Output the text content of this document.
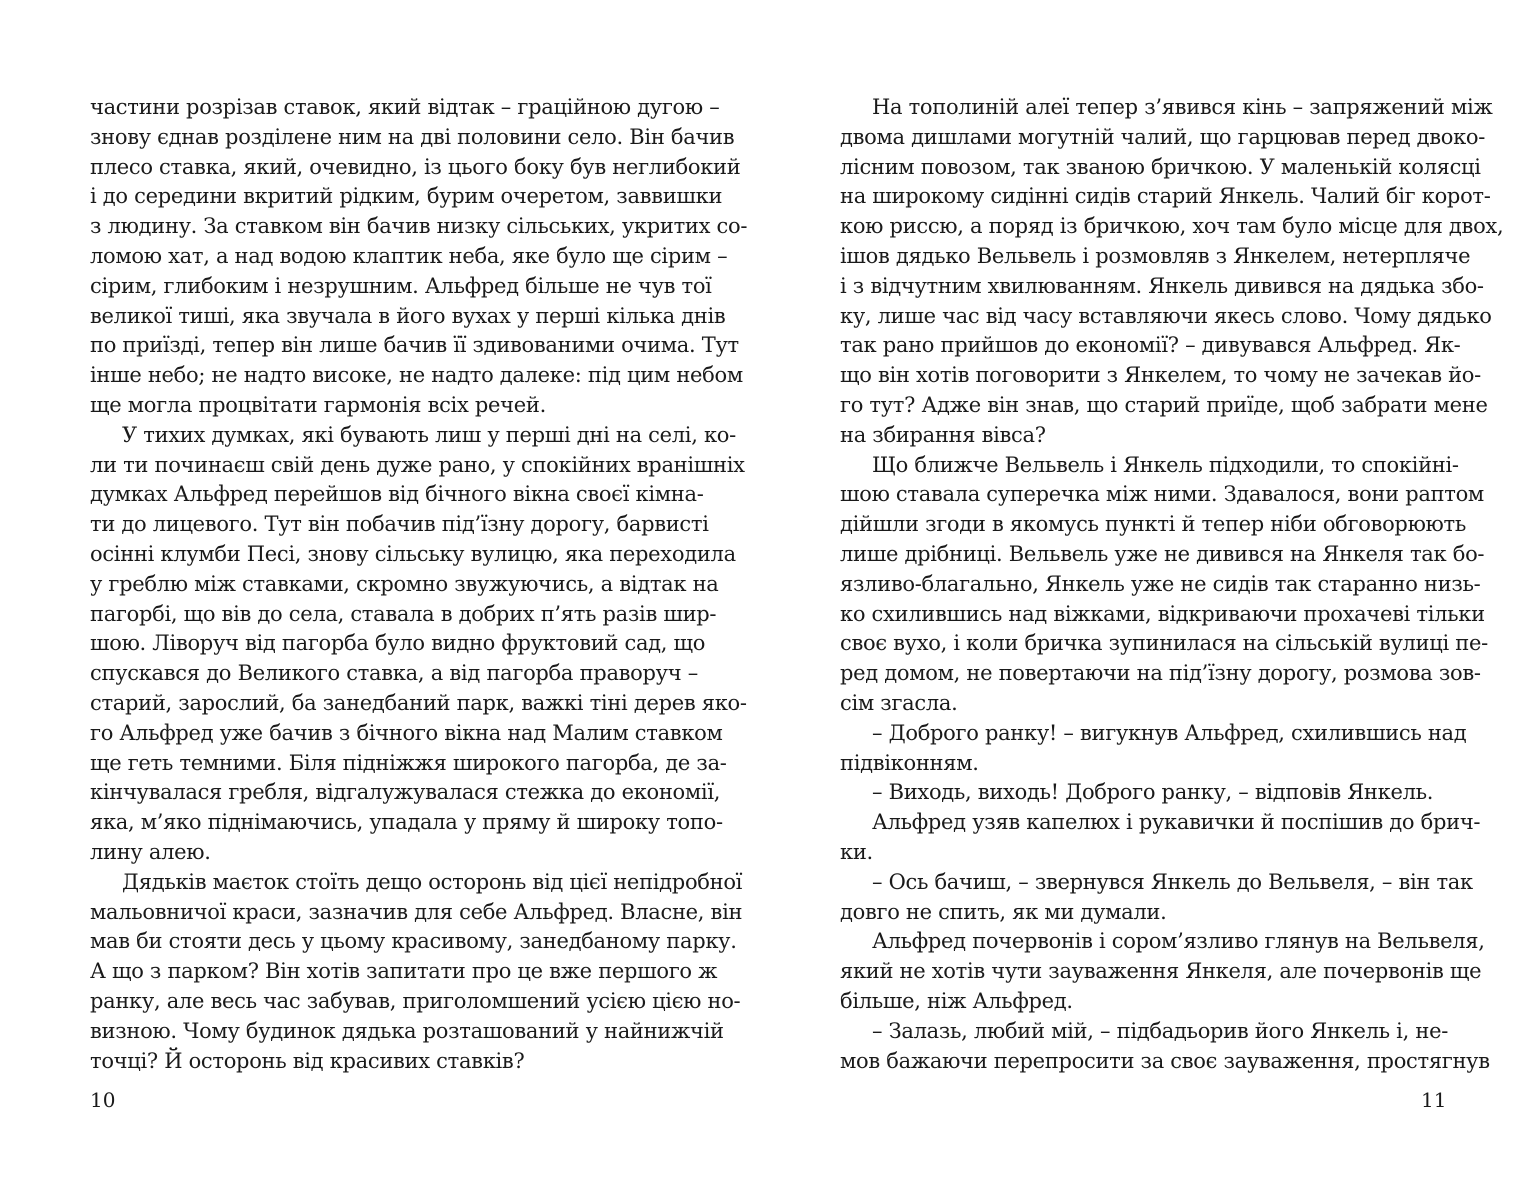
частини розрізав ставок, який відтак – граційною дугою –
знову єднав розділене ним на дві половини село. Він бачив
плесо ставка, який, очевидно, із цього боку був неглибокий
і до середини вкритий рідким, бурим очеретом, заввишки
з людину. За ставком він бачив низку сільських, укритих со-
ломою хат, а над водою клаптик неба, яке було ще сірим –
сірим, глибоким і незрушним. Альфред більше не чув тої
великої тиші, яка звучала в його вухах у перші кілька днів
по приїзді, тепер він лише бачив її здивованими очима. Тут
інше небо; не надто високе, не надто далеке: під цим небом
ще могла процвітати гармонія всіх речей.
У тихих думках, які бувають лиш у перші дні на селі, ко-
ли ти починаєш свій день дуже рано, у спокійних вранішніх
думках Альфред перейшов від бічного вікна своєї кімна-
ти до лицевого. Тут він побачив під’їзну дорогу, барвисті
осінні клумби Песі, знову сільську вулицю, яка переходила
у греблю між ставками, скромно звужуючись, а відтак на
пагорбі, що вів до села, ставала в добрих п’ять разів шир-
шою. Ліворуч від пагорба було видно фруктовий сад, що
спускався до Великого ставка, а від пагорба праворуч –
старий, зарослий, ба занедбаний парк, важкі тіні дерев яко-
го Альфред уже бачив з бічного вікна над Малим ставком
ще геть темними. Біля підніжжя широкого пагорба, де за-
кінчувалася гребля, відгалужувалася стежка до економії,
яка, м’яко піднімаючись, упадала у пряму й широку топо-
лину алею.
Дядьків маєток стоїть дещо осторонь від цієї непідробної
мальовничої краси, зазначив для себе Альфред. Власне, він
мав би стояти десь у цьому красивому, занедбаному парку.
А що з парком? Він хотів запитати про це вже першого ж
ранку, але весь час забував, приголомшений усією цією но-
визною. Чому будинок дядька розташований у найнижчій
точці? Й осторонь від красивих ставків?
На тополиній алеї тепер з’явився кінь – запряжений між
двома дишлами могутній чалий, що гарцював перед двоко-
лісним повозом, так званою бричкою. У маленькій колясці
на широкому сидінні сидів старий Янкель. Чалий біг корот-
кою риссю, а поряд із бричкою, хоч там було місце для двох,
ішов дядько Вельвель і розмовляв з Янкелем, нетерпляче
і з відчутним хвилюванням. Янкель дивився на дядька збо-
ку, лише час від часу вставляючи якесь слово. Чому дядько
так рано прийшов до економії? – дивувався Альфред. Як-
що він хотів поговорити з Янкелем, то чому не зачекав йо-
го тут? Адже він знав, що старий приїде, щоб забрати мене
на збирання вівса?
Що ближче Вельвель і Янкель підходили, то спокійні-
шою ставала суперечка між ними. Здавалося, вони раптом
дійшли згоди в якомусь пункті й тепер ніби обговорюють
лише дрібниці. Вельвель уже не дивився на Янкеля так бо-
язливо-благально, Янкель уже не сидів так старанно низь-
ко схилившись над віжками, відкриваючи прохачеві тільки
своє вухо, і коли бричка зупинилася на сільській вулиці пе-
ред домом, не повертаючи на під’їзну дорогу, розмова зов-
сім згасла.
– Доброго ранку! – вигукнув Альфред, схилившись над
підвіконням.
– Виходь, виходь! Доброго ранку, – відповів Янкель.
Альфред узяв капелюх і рукавички й поспішив до брич-
ки.
– Ось бачиш, – звернувся Янкель до Вельвеля, – він так
довго не спить, як ми думали.
Альфред почервонів і сором’язливо глянув на Вельвеля,
який не хотів чути зауваження Янкеля, але почервонів ще
більше, ніж Альфред.
– Залазь, любий мій, – підбадьорив його Янкель і, не-
мов бажаючи перепросити за своє зауваження, простягнув
10	11
